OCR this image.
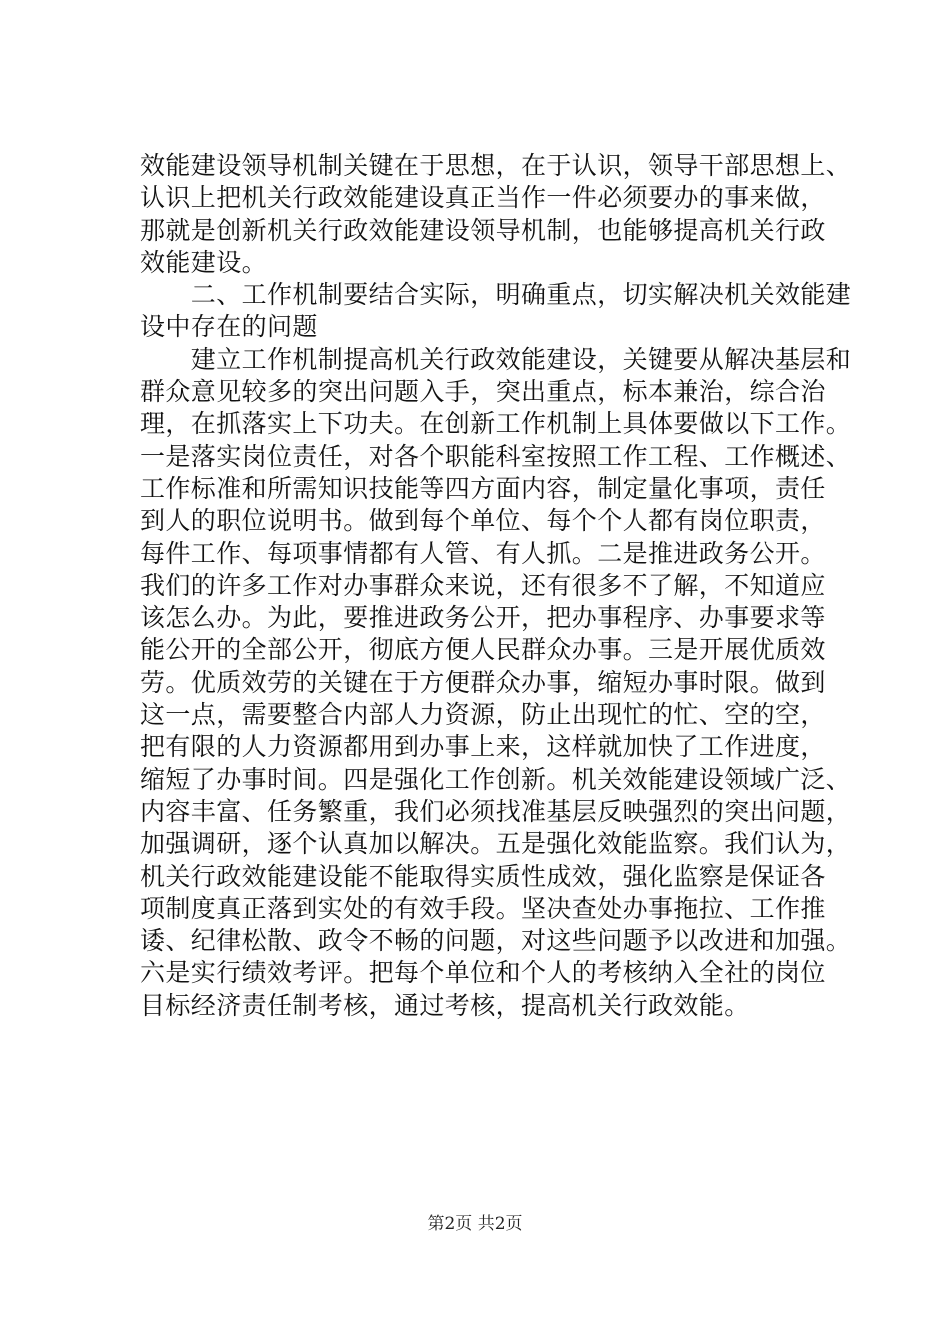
效能建设领导机制关键在于思想，在于认识，领导干部思想上、
认识上把机关行政效能建设真正当作一件必须要办的事来做，
那就是创新机关行政效能建设领导机制，也能够提高机关行政
效能建设。
　　二、工作机制要结合实际，明确重点，切实解决机关效能建
设中存在的问题
　　建立工作机制提高机关行政效能建设，关键要从解决基层和
群众意见较多的突出问题入手，突出重点，标本兼治，综合治
理，在抓落实上下功夫。在创新工作机制上具体要做以下工作。
一是落实岗位责任，对各个职能科室按照工作工程、工作概述、
工作标准和所需知识技能等四方面内容，制定量化事项，责任
到人的职位说明书。做到每个单位、每个个人都有岗位职责，
每件工作、每项事情都有人管、有人抓。二是推进政务公开。
我们的许多工作对办事群众来说，还有很多不了解，不知道应
该怎么办。为此，要推进政务公开，把办事程序、办事要求等
能公开的全部公开，彻底方便人民群众办事。三是开展优质效
劳。优质效劳的关键在于方便群众办事，缩短办事时限。做到
这一点，需要整合内部人力资源，防止出现忙的忙、空的空，
把有限的人力资源都用到办事上来，这样就加快了工作进度，
缩短了办事时间。四是强化工作创新。机关效能建设领域广泛、
内容丰富、任务繁重，我们必须找准基层反映强烈的突出问题，
加强调研，逐个认真加以解决。五是强化效能监察。我们认为，
机关行政效能建设能不能取得实质性成效，强化监察是保证各
项制度真正落到实处的有效手段。坚决查处办事拖拉、工作推
诿、纪律松散、政令不畅的问题，对这些问题予以改进和加强。
六是实行绩效考评。把每个单位和个人的考核纳入全社的岗位
目标经济责任制考核，通过考核，提高机关行政效能。
第2页 共2页
